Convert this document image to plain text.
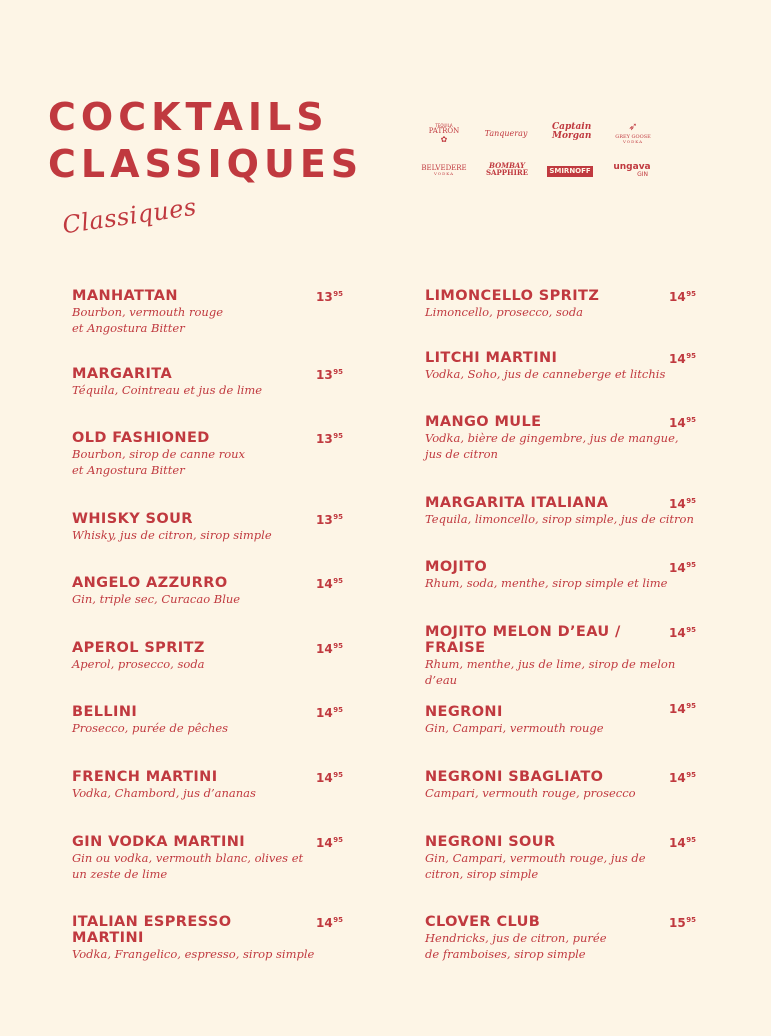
COCKTAILS
CLASSIQUES
Classiques
TEQUILA
PATRÓN
✿
Tanqueray
Captain
Morgan
➶
GREY GOOSE
VODKA
BELVEDERE
VODKA
BOMBAY
SAPPHIRE	SMIRNOFF	ungava
GIN
MANHATTAN
Bourbon, vermouth rouge
et Angostura Bitter
$13^{95}$
MARGARITA
Téquila, Cointreau et jus de lime
$13^{95}$
OLD FASHIONED
Bourbon, sirop de canne roux
et Angostura Bitter
$13^{95}$
WHISKY SOUR
Whisky, jus de citron, sirop simple
$13^{95}$
ANGELO AZZURRO
Gin, triple sec, Curacao Blue
$14^{95}$
APEROL SPRITZ
Aperol, prosecco, soda
$14^{95}$
BELLINI
Prosecco, purée de pêches
$14^{95}$
FRENCH MARTINI
Vodka, Chambord, jus d’ananas
$14^{95}$
GIN VODKA MARTINI
Gin ou vodka, vermouth blanc, olives et
un zeste de lime
$14^{95}$
ITALIAN ESPRESSO
MARTINI
Vodka, Frangelico, espresso, sirop simple
$14^{95}$
LIMONCELLO SPRITZ
Limoncello, prosecco, soda
$14^{95}$
LITCHI MARTINI
Vodka, Soho, jus de canneberge et litchis
$14^{95}$
MANGO MULE
Vodka, bière de gingembre, jus de mangue,
jus de citron
$14^{95}$
MARGARITA ITALIANA
Tequila, limoncello, sirop simple, jus de citron
$14^{95}$
MOJITO
Rhum, soda, menthe, sirop simple et lime
$14^{95}$
MOJITO MELON D’EAU /
FRAISE
Rhum, menthe, jus de lime, sirop de melon d’eau
$14^{95}$
NEGRONI
Gin, Campari, vermouth rouge
$14^{95}$
NEGRONI SBAGLIATO
Campari, vermouth rouge, prosecco
$14^{95}$
NEGRONI SOUR
Gin, Campari, vermouth rouge, jus de
citron, sirop simple
$14^{95}$
CLOVER CLUB
Hendricks, jus de citron, purée
de framboises, sirop simple
$15^{95}$
